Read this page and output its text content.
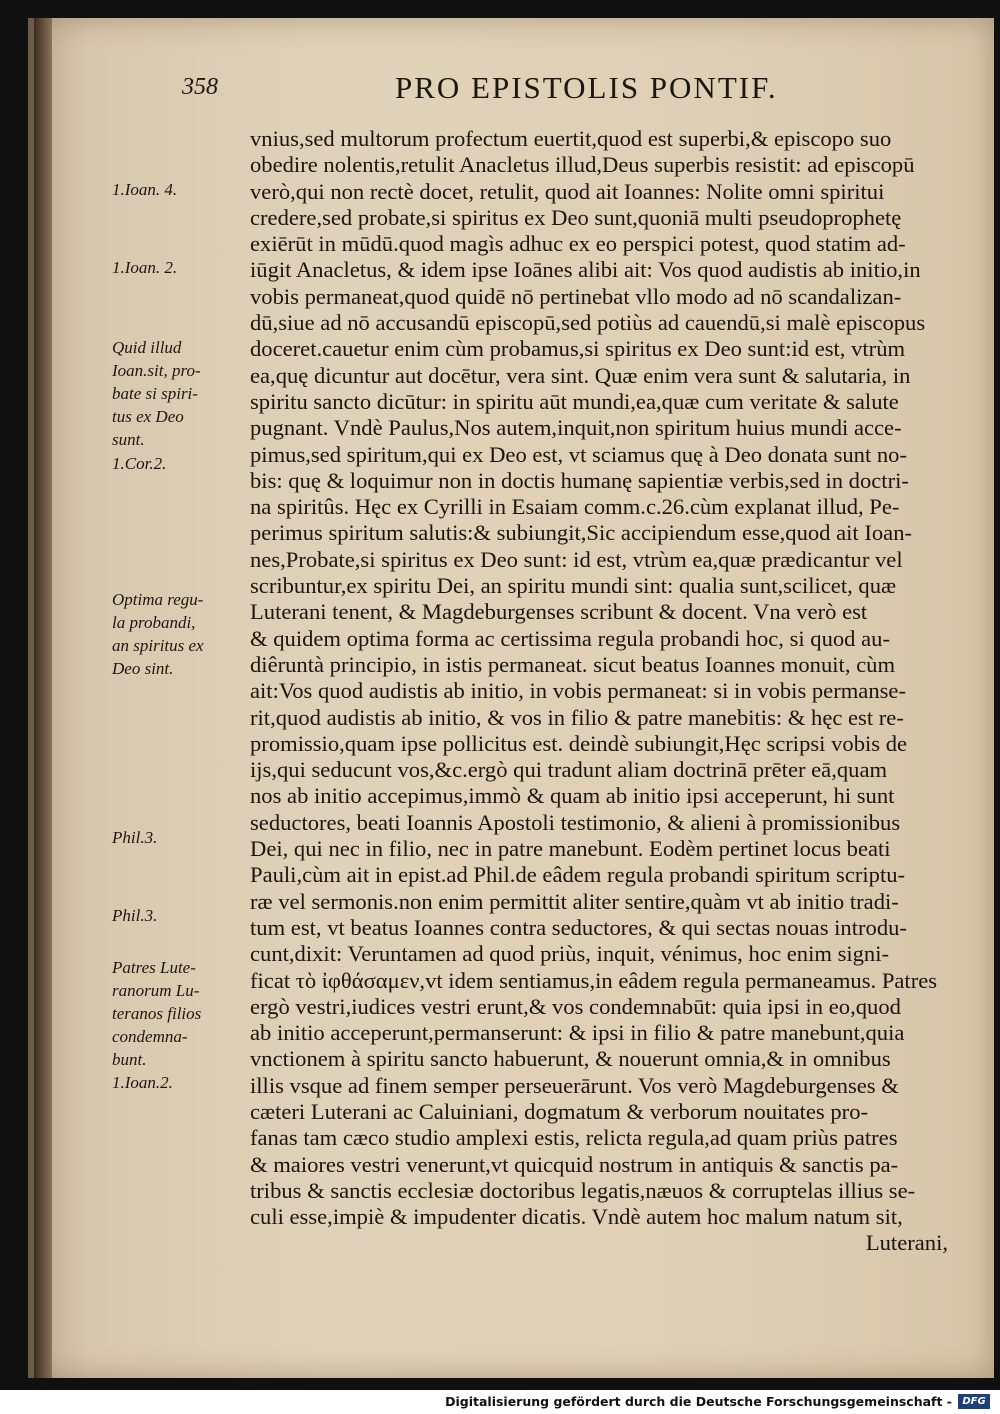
358	PRO EPISTOLIS PONTIF.
1.Ioan. 4.
1.Ioan. 2.
Quid illud
Ioan.sit, pro-
bate si spiri-
tus ex Deo
sunt.
1.Cor.2.
Optima regu-
la probandi,
an spiritus ex
Deo sint.
Phil.3.
Phil.3.
Patres Lute-
ranorum Lu-
teranos filios
condemna-
bunt.
1.Ioan.2.
vnius,sed multorum profectum euertit,quod est superbi,& episcopo suo
obedire nolentis,retulit Anacletus illud,Deus superbis resistit: ad episcopū
verò,qui non rectè docet, retulit, quod ait Ioannes: Nolite omni spiritui
credere,sed probate,si spiritus ex Deo sunt,quoniā multi pseudoprophetę
exiērūt in mūdū.quod magìs adhuc ex eo perspici potest, quod statim ad-
iūgit Anacletus, & idem ipse Ioānes alibi ait: Vos quod audistis ab initio,in
vobis permaneat,quod quidē nō pertinebat vllo modo ad nō scandalizan-
dū,siue ad nō accusandū episcopū,sed potiùs ad cauendū,si malè episcopus
doceret.cauetur enim cùm probamus,si spiritus ex Deo sunt:id est, vtrùm
ea,quę dicuntur aut docētur, vera sint. Quæ enim vera sunt & salutaria, in
spiritu sancto dicūtur: in spiritu aūt mundi,ea,quæ cum veritate & salute
pugnant. Vndè Paulus,Nos autem,inquit,non spiritum huius mundi acce-
pimus,sed spiritum,qui ex Deo est, vt sciamus quę à Deo donata sunt no-
bis: quę & loquimur non in doctis humanę sapientiæ verbis,sed in doctri-
na spiritûs. Hęc ex Cyrilli in Esaiam comm.c.26.cùm explanat illud, Pe-
perimus spiritum salutis:& subiungit,Sic accipiendum esse,quod ait Ioan-
nes,Probate,si spiritus ex Deo sunt: id est, vtrùm ea,quæ prædicantur vel
scribuntur,ex spiritu Dei, an spiritu mundi sint: qualia sunt,scilicet, quæ
Luterani tenent, & Magdeburgenses scribunt & docent. Vna verò est
& quidem optima forma ac certissima regula probandi hoc, si quod au-
diêruntà principio, in istis permaneat. sicut beatus Ioannes monuit, cùm
ait:Vos quod audistis ab initio, in vobis permaneat: si in vobis permanse-
rit,quod audistis ab initio, & vos in filio & patre manebitis: & hęc est re-
promissio,quam ipse pollicitus est. deindè subiungit,Hęc scripsi vobis de
ijs,qui seducunt vos,&c.ergò qui tradunt aliam doctrinā prēter eā,quam
nos ab initio accepimus,immò & quam ab initio ipsi acceperunt, hi sunt
seductores, beati Ioannis Apostoli testimonio, & alieni à promissionibus
Dei, qui nec in filio, nec in patre manebunt. Eodèm pertinet locus beati
Pauli,cùm ait in epist.ad Phil.de eâdem regula probandi spiritum scriptu-
ræ vel sermonis.non enim permittit aliter sentire,quàm vt ab initio tradi-
tum est, vt beatus Ioannes contra seductores, & qui sectas nouas introdu-
cunt,dixit: Veruntamen ad quod priùs, inquit, vénimus, hoc enim signi-
ficat τὸ ἰφθάσαμεν,vt idem sentiamus,in eâdem regula permaneamus. Patres
ergò vestri,iudices vestri erunt,& vos condemnabūt: quia ipsi in eo,quod
ab initio acceperunt,permanserunt: & ipsi in filio & patre manebunt,quia
vnctionem à spiritu sancto habuerunt, & nouerunt omnia,& in omnibus
illis vsque ad finem semper perseuerārunt. Vos verò Magdeburgenses &
cæteri Luterani ac Caluiniani, dogmatum & verborum nouitates pro-
fanas tam cæco studio amplexi estis, relicta regula,ad quam priùs patres
& maiores vestri venerunt,vt quicquid nostrum in antiquis & sanctis pa-
tribus & sanctis ecclesiæ doctoribus legatis,næuos & corruptelas illius se-
culi esse,impiè & impudenter dicatis. Vndè autem hoc malum natum sit,
Luterani,
Digitalisierung gefördert durch die Deutsche Forschungsgemeinschaft -	DFG
